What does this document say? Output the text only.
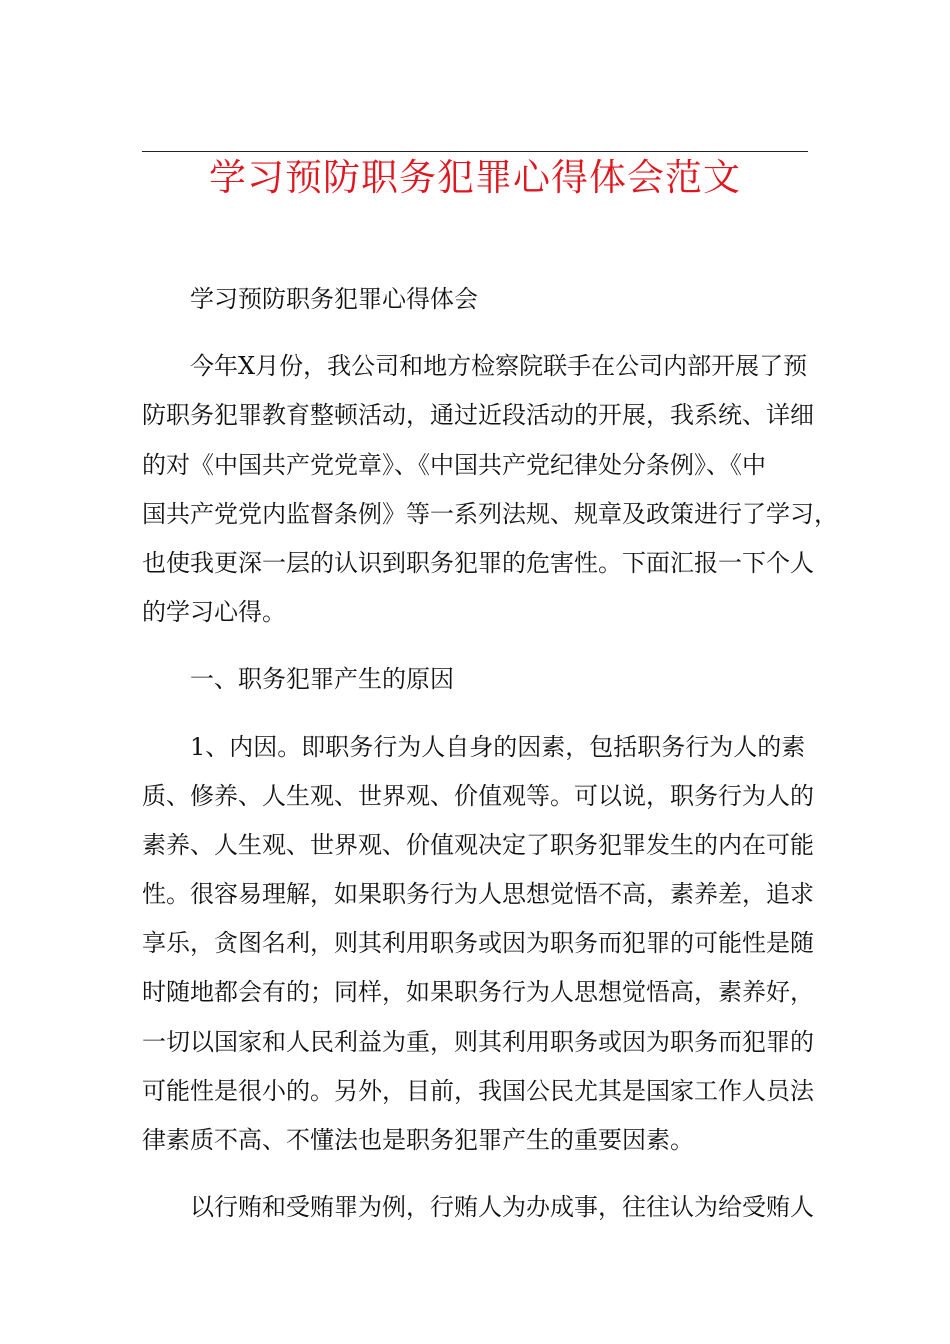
学习预防职务犯罪心得体会范文
学习预防职务犯罪心得体会
今年X月份，我公司和地方检察院联手在公司内部开展了预
防职务犯罪教育整顿活动，通过近段活动的开展，我系统、详细
的对《中国共产党党章》、《中国共产党纪律处分条例》、《中
国共产党党内监督条例》等一系列法规、规章及政策进行了学习，
也使我更深一层的认识到职务犯罪的危害性。下面汇报一下个人
的学习心得。
一、职务犯罪产生的原因
1、内因。即职务行为人自身的因素，包括职务行为人的素
质、修养、人生观、世界观、价值观等。可以说，职务行为人的
素养、人生观、世界观、价值观决定了职务犯罪发生的内在可能
性。很容易理解，如果职务行为人思想觉悟不高，素养差，追求
享乐，贪图名利，则其利用职务或因为职务而犯罪的可能性是随
时随地都会有的；同样，如果职务行为人思想觉悟高，素养好，
一切以国家和人民利益为重，则其利用职务或因为职务而犯罪的
可能性是很小的。另外，目前，我国公民尤其是国家工作人员法
律素质不高、不懂法也是职务犯罪产生的重要因素。
以行贿和受贿罪为例，行贿人为办成事，往往认为给受贿人
